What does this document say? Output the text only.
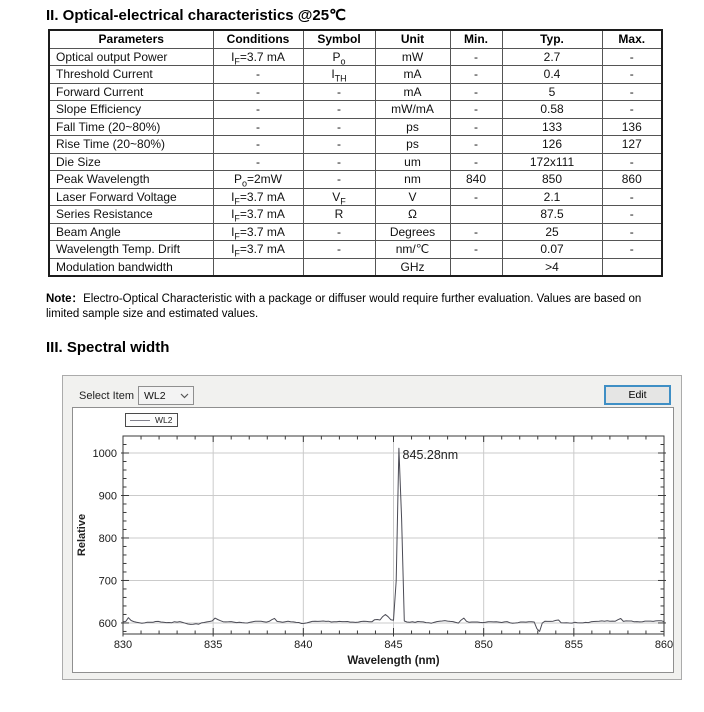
II. Optical-electrical characteristics @25℃
Parameters	Conditions	Symbol	Unit	Min.	Typ.	Max.
Optical output Power	$I_F=3.7$ mA	$P_o$	mW	-	2.7	-
Threshold Current	-	$I_{TH}$	mA	-	0.4	-
Forward Current	-	-	mA	-	5	-
Slope Efficiency	-	-	mW/mA	-	0.58	-
Fall Time (20~80%)	-	-	ps	-	133	136
Rise Time (20~80%)	-	-	ps	-	126	127
Die Size	-	-	um	-	172x111	-
Peak Wavelength	$P_o=2mW$	-	nm	840	850	860
Laser Forward Voltage	$I_F=3.7$ mA	$V_F$	V	-	2.1	-
Series Resistance	$I_F=3.7$ mA	R	Ω		87.5	-
Beam Angle	$I_F=3.7$ mA	-	Degrees	-	25	-
Wavelength Temp. Drift	$I_F=3.7$ mA	-	nm/℃	-	0.07	-
Modulation bandwidth			GHz		>4	
Note：Electro-Optical Characteristic with a package or diffuser would require further evaluation. Values are based on
limited sample size and estimated values.
III. Spectral width
Select Item WL2	Edit
830	835	840	845	850	855	860
600
700
800
900
1000
Wavelength (nm)
845.28nm
WL2
Relative
